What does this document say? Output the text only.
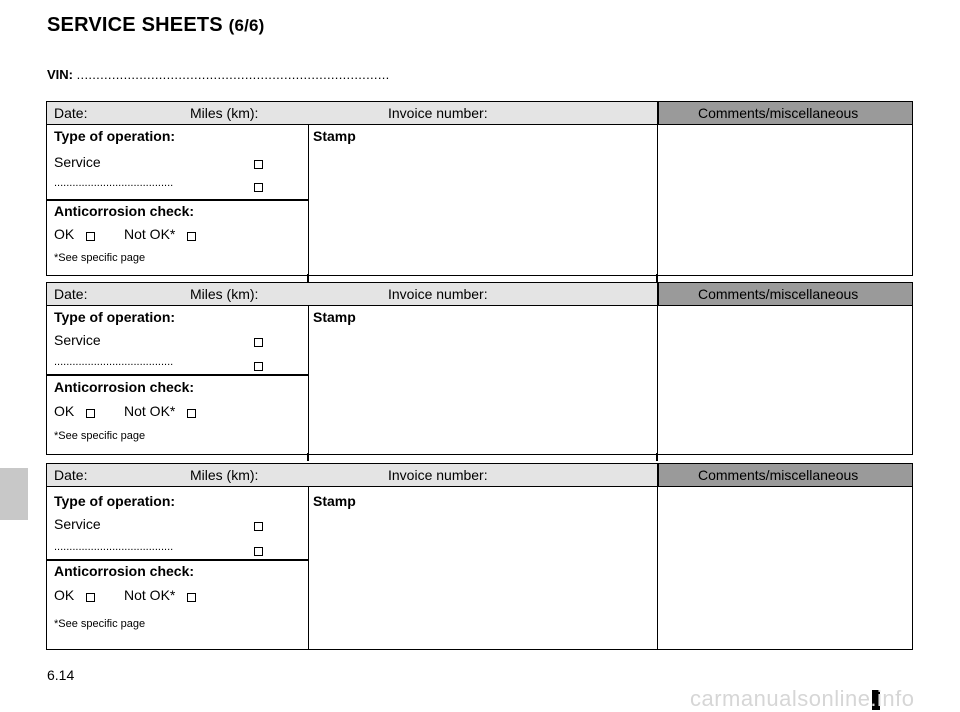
SERVICE SHEETS (6/6)
VIN: ................................................................................
Date:	Miles (km):	Invoice number:	Comments/miscellaneous
Type of operation:
Service
.......................................
Anticorrosion check:
OK	Not OK*
*See specific page
Stamp
Date:	Miles (km):	Invoice number:	Comments/miscellaneous
Type of operation:
Service
.......................................
Anticorrosion check:
OK	Not OK*
*See specific page
Stamp
Date:	Miles (km):	Invoice number:	Comments/miscellaneous
Type of operation:
Service
.......................................
Anticorrosion check:
OK	Not OK*
*See specific page
Stamp
6.14
carmanualsonline.info
